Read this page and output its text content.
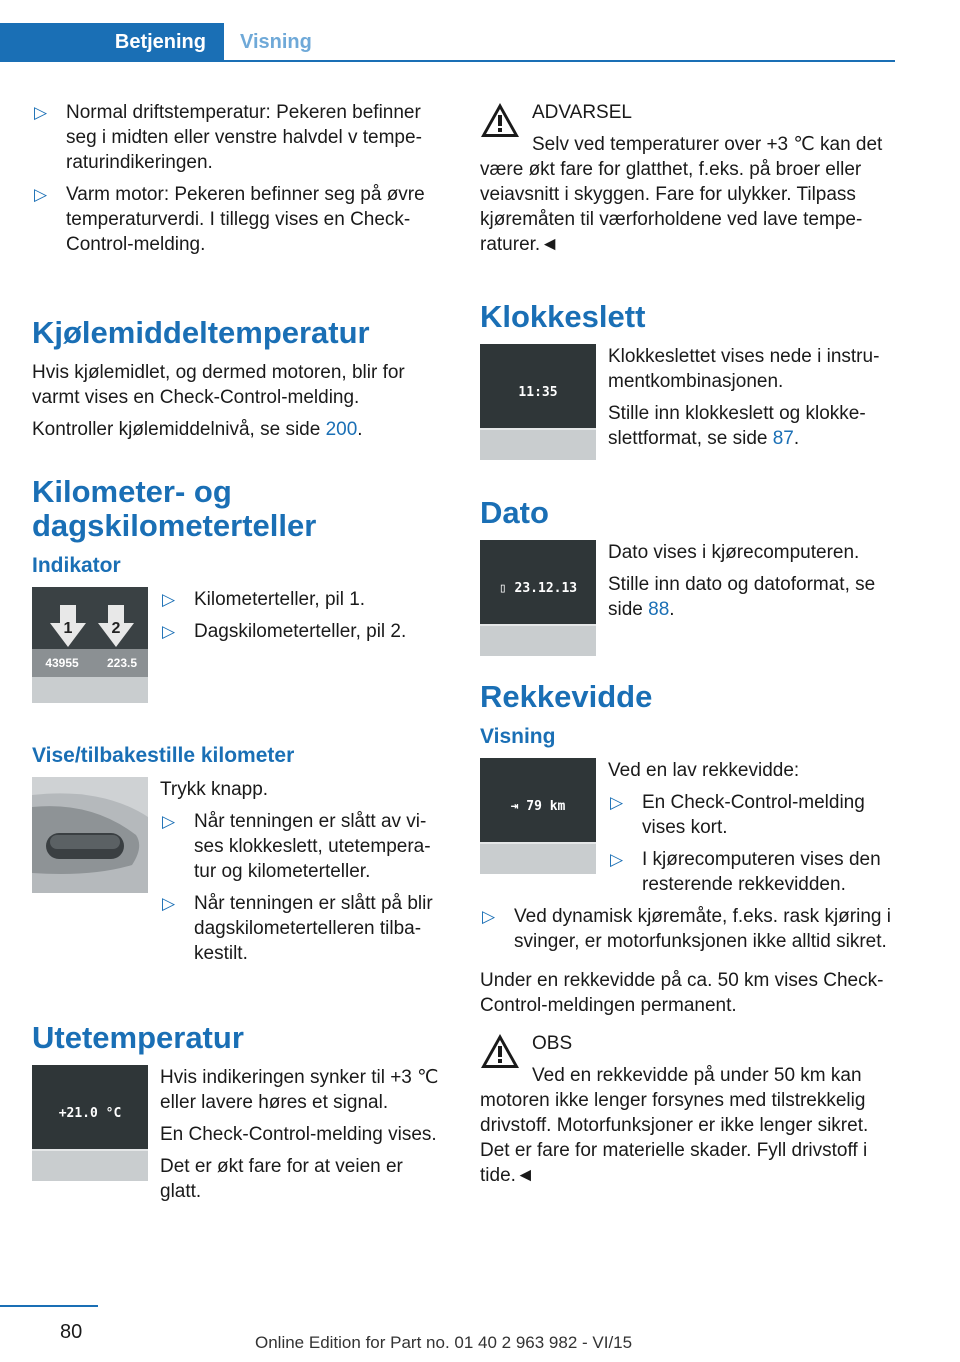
Betjening	Visning
▷ Normal driftstemperatur: Pekeren befinner seg i midten eller venstre halvdel v temperaturindikeringen.
▷ Varm motor: Pekeren befinner seg på øvre temperaturverdi. I tillegg vises en Check-Control-melding.
Kjølemiddeltemperatur

Hvis kjølemidlet, og dermed motoren, blir for varmt vises en Check-Control-melding.

Kontroller kjølemiddelnivå, se side 200.

Kilometer- og dagskilometerteller
Indikator
1 2
43955 223.5
▷ Kilometerteller, pil 1.
▷ Dagskilometerteller, pil 2.
Vise/tilbakestille kilometer

Trykk knapp.

▷ Når tenningen er slått av vises klokkeslett, utetemperatur og kilometerteller.
▷ Når tenningen er slått på blir dagskilometertelleren tilbakestilt.
Utetemperatur
+21.0 °C

Hvis indikeringen synker til +3 ℃ eller lavere høres et signal.

En Check-Control-melding vises.

Det er økt fare for at veien er glatt.

ADVARSEL

Selv ved temperaturer over +3 ℃ kan det være økt fare for glatthet, f.eks. på broer eller veiavsnitt i skyggen. Fare for ulykker. Tilpass kjøremåten til værforholdene ved lave temperaturer.◄

Klokkeslett
11:35

Klokkeslettet vises nede i instrumentkombinasjonen.

Stille inn klokkeslett og klokkeslettformat, se side 87.

Dato
▯ 23.12.13

Dato vises i kjørecomputeren.

Stille inn dato og datoformat, se side 88.

Rekkevidde
Visning
⇥ 79 km

Ved en lav rekkevidde:

▷ En Check-Control-melding vises kort.
▷ I kjørecomputeren vises den resterende rekkevidden.
▷ Ved dynamisk kjøremåte, f.eks. rask kjøring i svinger, er motorfunksjonen ikke alltid sikret.

Under en rekkevidde på ca. 50 km vises Check-Control-meldingen permanent.

OBS

Ved en rekkevidde på under 50 km kan motoren ikke lenger forsynes med tilstrekkelig drivstoff. Motorfunksjoner er ikke lenger sikret. Det er fare for materielle skader. Fyll drivstoff i tide.◄

80	Online Edition for Part no. 01 40 2 963 982 - VI/15
